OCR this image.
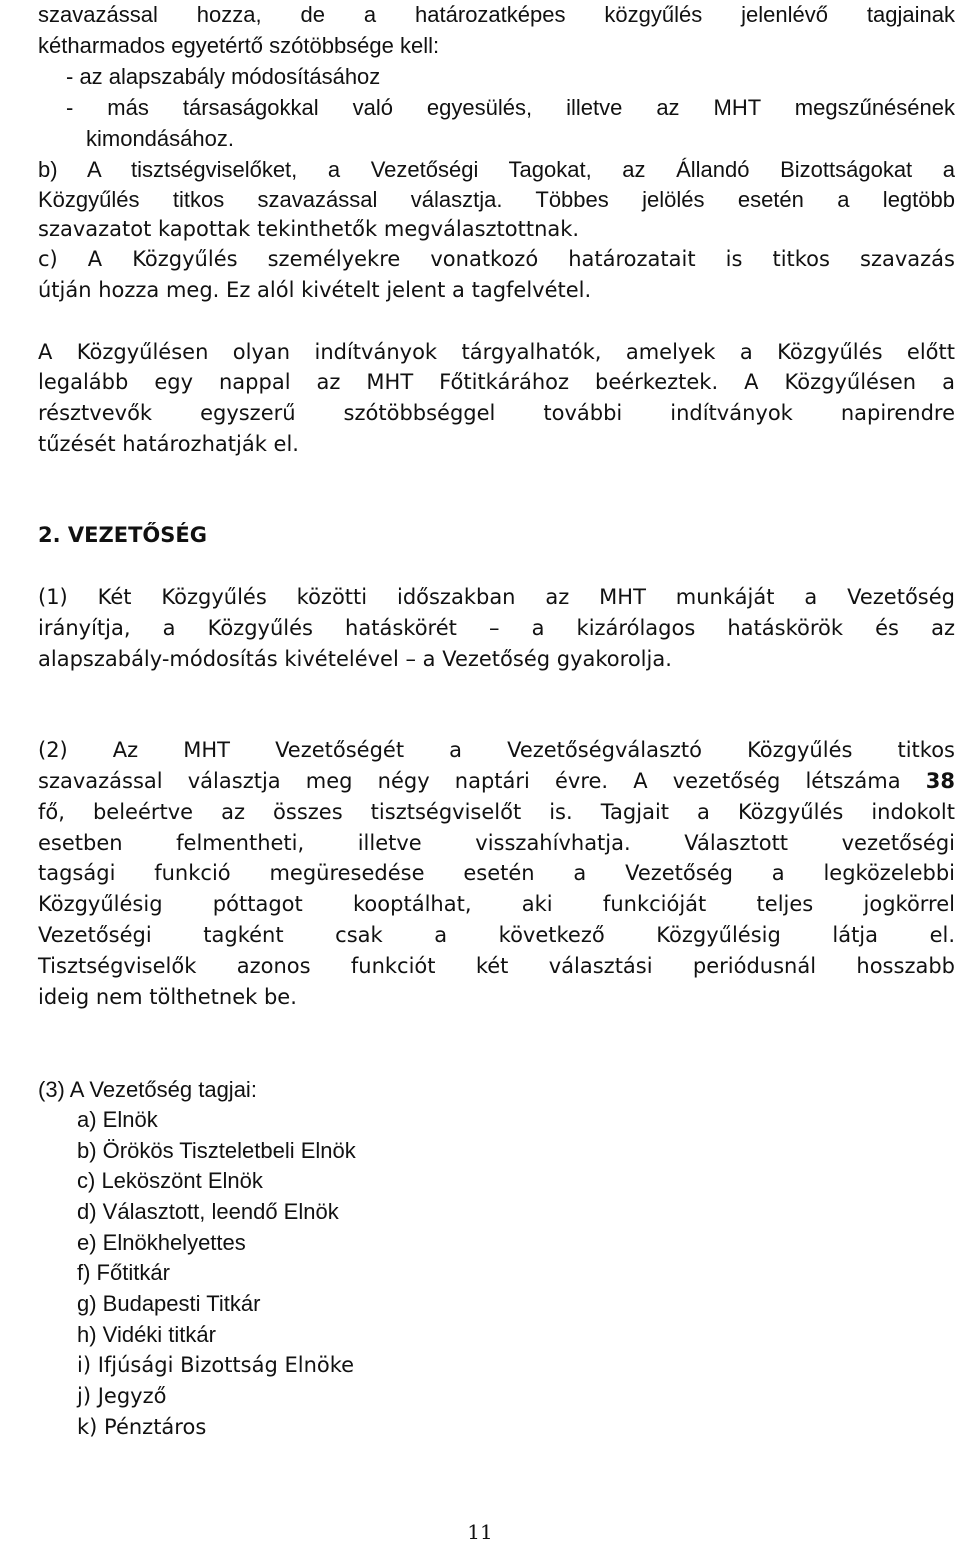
szavazással hozza, de a határozatképes közgyűlés jelenlévő tagjainak

kétharmados egyetértő szótöbbsége kell:

- az alapszabály módosításához

- más társaságokkal való egyesülés, illetve az MHT megszűnésének

kimondásához.

b) A tisztségviselőket, a Vezetőségi Tagokat, az Állandó Bizottságokat a

Közgyűlés titkos szavazással választja. Többes jelölés esetén a legtöbb

szavazatot kapottak tekinthetők megválasztottnak.

c) A Közgyűlés személyekre vonatkozó határozatait is titkos szavazás

útján hozza meg. Ez alól kivételt jelent a tagfelvétel.

A Közgyűlésen olyan indítványok tárgyalhatók, amelyek a Közgyűlés előtt

legalább egy nappal az MHT Főtitkárához beérkeztek. A Közgyűlésen a

résztvevők egyszerű szótöbbséggel további indítványok napirendre

tűzését határozhatják el.

2. VEZETŐSÉG

(1) Két Közgyűlés közötti időszakban az MHT munkáját a Vezetőség

irányítja, a Közgyűlés hatáskörét – a kizárólagos hatáskörök és az

alapszabály-módosítás kivételével – a Vezetőség gyakorolja.

(2) Az MHT Vezetőségét a Vezetőségválasztó Közgyűlés titkos

szavazással választja meg négy naptári évre. A vezetőség létszáma 38

fő, beleértve az összes tisztségviselőt is. Tagjait a Közgyűlés indokolt

esetben felmentheti, illetve visszahívhatja. Választott vezetőségi

tagsági funkció megüresedése esetén a Vezetőség a legközelebbi

Közgyűlésig póttagot kooptálhat, aki funkcióját teljes jogkörrel

Vezetőségi tagként csak a következő Közgyűlésig látja el.

Tisztségviselők azonos funkciót két választási periódusnál hosszabb

ideig nem tölthetnek be.

(3) A Vezetőség tagjai:

a) Elnök

b) Örökös Tiszteletbeli Elnök

c) Leköszönt Elnök

d) Választott, leendő Elnök

e) Elnökhelyettes

f) Főtitkár

g) Budapesti Titkár

h) Vidéki titkár

i) Ifjúsági Bizottság Elnöke

j) Jegyző

k) Pénztáros

11
